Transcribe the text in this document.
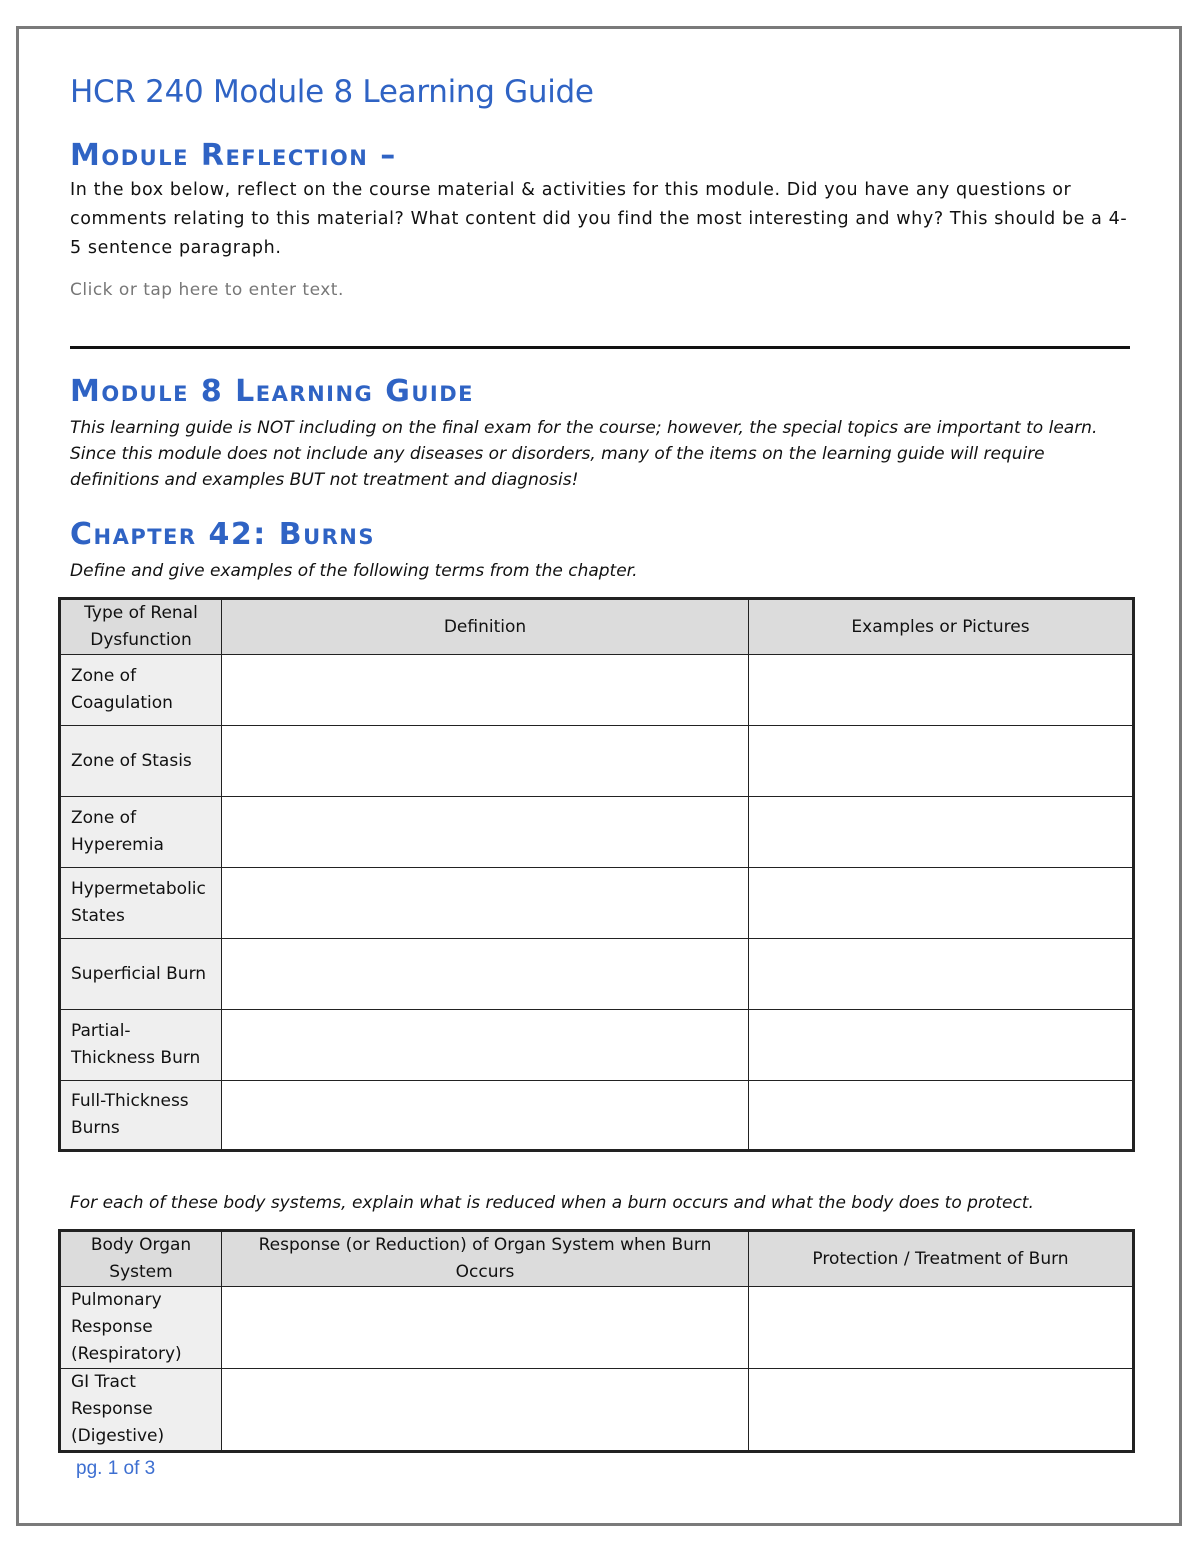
HCR 240 Module 8 Learning Guide
Module Reflection –
In the box below, reflect on the course material & activities for this module. Did you have any questions or comments relating to this material? What content did you find the most interesting and why? This should be a 4-5 sentence paragraph.
Click or tap here to enter text.
Module 8 Learning Guide
This learning guide is NOT including on the final exam for the course; however, the special topics are important to learn. Since this module does not include any diseases or disorders, many of the items on the learning guide will require definitions and examples BUT not treatment and diagnosis!
Chapter 42: Burns
Define and give examples of the following terms from the chapter.
Type of Renal Dysfunction	Definition	Examples or Pictures
Zone of Coagulation		
Zone of Stasis		
Zone of Hyperemia		
Hypermetabolic States		
Superficial Burn		
Partial-Thickness Burn		
Full-Thickness Burns		
For each of these body systems, explain what is reduced when a burn occurs and what the body does to protect.
Body Organ System	Response (or Reduction) of Organ System when Burn Occurs	Protection / Treatment of Burn
Pulmonary Response (Respiratory)		
GI Tract Response (Digestive)		
pg. 1 of 3
